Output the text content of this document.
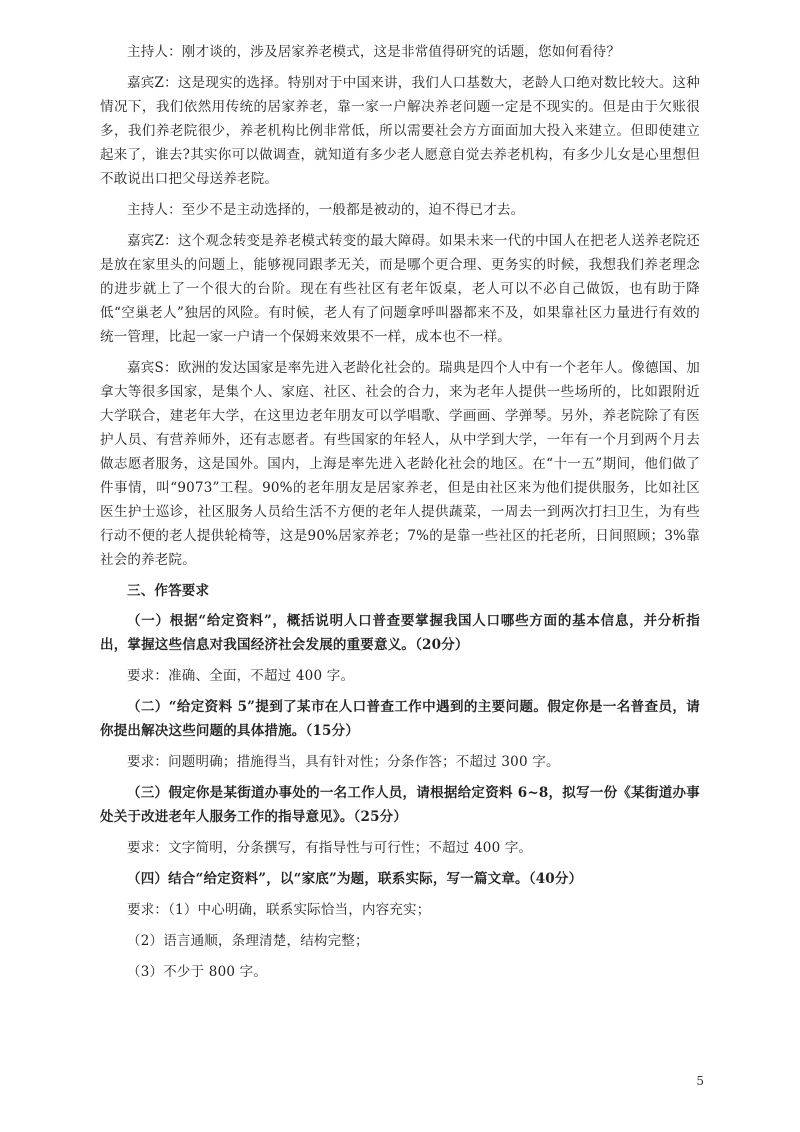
主持人：刚才谈的，涉及居家养老模式，这是非常值得研究的话题，您如何看待？

嘉宾Z：这是现实的选择。特别对于中国来讲，我们人口基数大，老龄人口绝对数比较大。这种情况下，我们依然用传统的居家养老，靠一家一户解决养老问题一定是不现实的。但是由于欠账很多，我们养老院很少，养老机构比例非常低，所以需要社会方方面面加大投入来建立。但即使建立起来了，谁去?其实你可以做调查，就知道有多少老人愿意自觉去养老机构，有多少儿女是心里想但不敢说出口把父母送养老院。

主持人：至少不是主动选择的，一般都是被动的，迫不得已才去。

嘉宾Z：这个观念转变是养老模式转变的最大障碍。如果未来一代的中国人在把老人送养老院还是放在家里头的问题上，能够视同跟孝无关，而是哪个更合理、更务实的时候，我想我们养老理念的进步就上了一个很大的台阶。现在有些社区有老年饭桌，老人可以不必自己做饭，也有助于降低“空巢老人”独居的风险。有时候，老人有了问题拿呼叫器都来不及，如果靠社区力量进行有效的统一管理，比起一家一户请一个保姆来效果不一样，成本也不一样。

嘉宾S：欧洲的发达国家是率先进入老龄化社会的。瑞典是四个人中有一个老年人。像德国、加拿大等很多国家，是集个人、家庭、社区、社会的合力，来为老年人提供一些场所的，比如跟附近大学联合，建老年大学，在这里边老年朋友可以学唱歌、学画画、学弹琴。另外，养老院除了有医护人员、有营养师外，还有志愿者。有些国家的年轻人，从中学到大学，一年有一个月到两个月去做志愿者服务，这是国外。国内，上海是率先进入老龄化社会的地区。在“十一五”期间，他们做了件事情，叫“9073”工程。90%的老年朋友是居家养老，但是由社区来为他们提供服务，比如社区医生护士巡诊，社区服务人员给生活不方便的老年人提供蔬菜，一周去一到两次打扫卫生，为有些行动不便的老人提供轮椅等，这是90%居家养老；7%的是靠一些社区的托老所，日间照顾；3%靠社会的养老院。

三、作答要求

（一）根据“给定资料”，概括说明人口普查要掌握我国人口哪些方面的基本信息，并分析指出，掌握这些信息对我国经济社会发展的重要意义。（20分）

要求：准确、全面，不超过 400 字。

（二）“给定资料 5”提到了某市在人口普查工作中遇到的主要问题。假定你是一名普查员，请你提出解决这些问题的具体措施。（15分）

要求：问题明确；措施得当，具有针对性；分条作答；不超过 300 字。

（三）假定你是某街道办事处的一名工作人员，请根据给定资料 6~8，拟写一份《某街道办事处关于改进老年人服务工作的指导意见》。（25分）

要求：文字简明，分条撰写，有指导性与可行性；不超过 400 字。

（四）结合“给定资料”，以“家底”为题，联系实际，写一篇文章。（40分）

要求：（1）中心明确，联系实际恰当，内容充实；

（2）语言通顺，条理清楚，结构完整；

（3）不少于 800 字。

5
